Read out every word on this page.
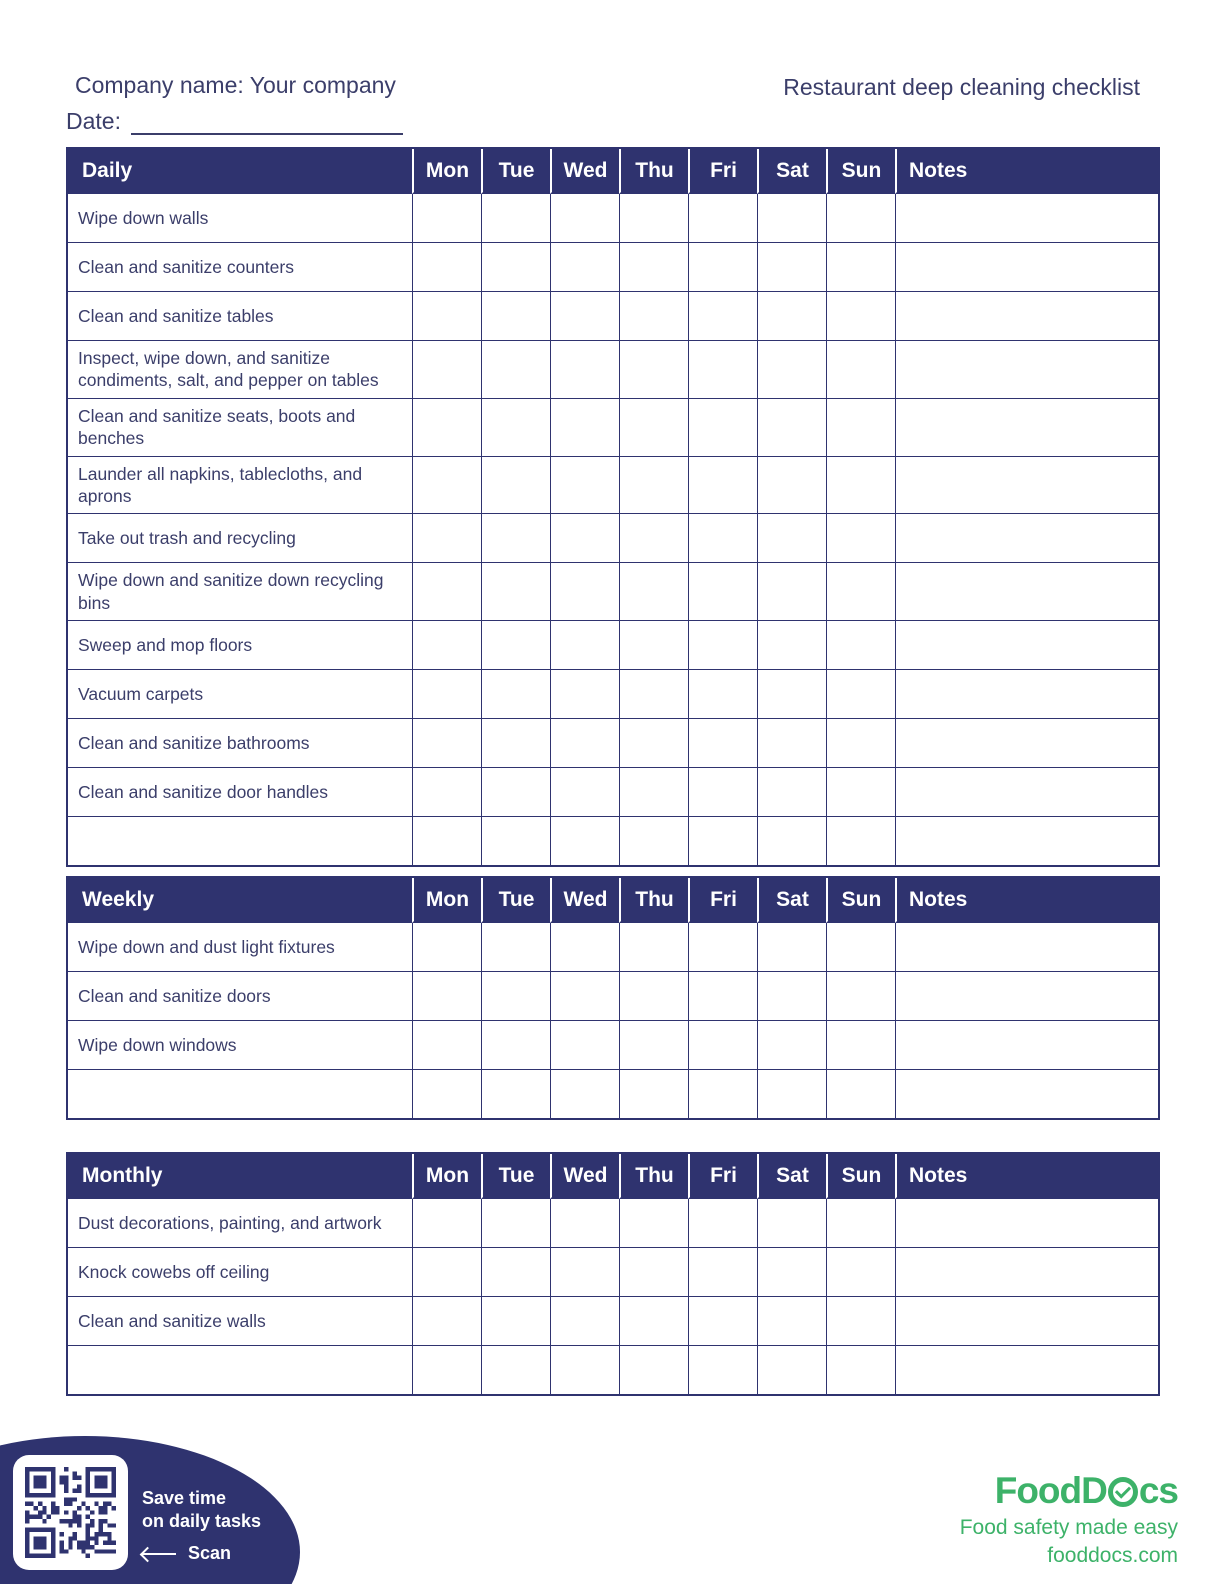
Company name: Your company
Date:
Restaurant deep cleaning checklist
Daily	Mon	Tue	Wed	Thu	Fri	Sat	Sun	Notes
Wipe down walls								
Clean and sanitize counters								
Clean and sanitize tables								
Inspect, wipe down, and sanitize condiments, salt, and pepper on tables								
Clean and sanitize seats, boots and benches								
Launder all napkins, tablecloths, and aprons								
Take out trash and recycling								
Wipe down and sanitize down recycling bins								
Sweep and mop floors								
Vacuum carpets								
Clean and sanitize bathrooms								
Clean and sanitize door handles								

Weekly	Mon	Tue	Wed	Thu	Fri	Sat	Sun	Notes
Wipe down and dust light fixtures								
Clean and sanitize doors								
Wipe down windows								

Monthly	Mon	Tue	Wed	Thu	Fri	Sat	Sun	Notes
Dust decorations, painting, and artwork								
Knock cowebs off ceiling								
Clean and sanitize walls								

Save time
on daily tasks
Scan
FoodD cs
Food safety made easy
fooddocs.com
